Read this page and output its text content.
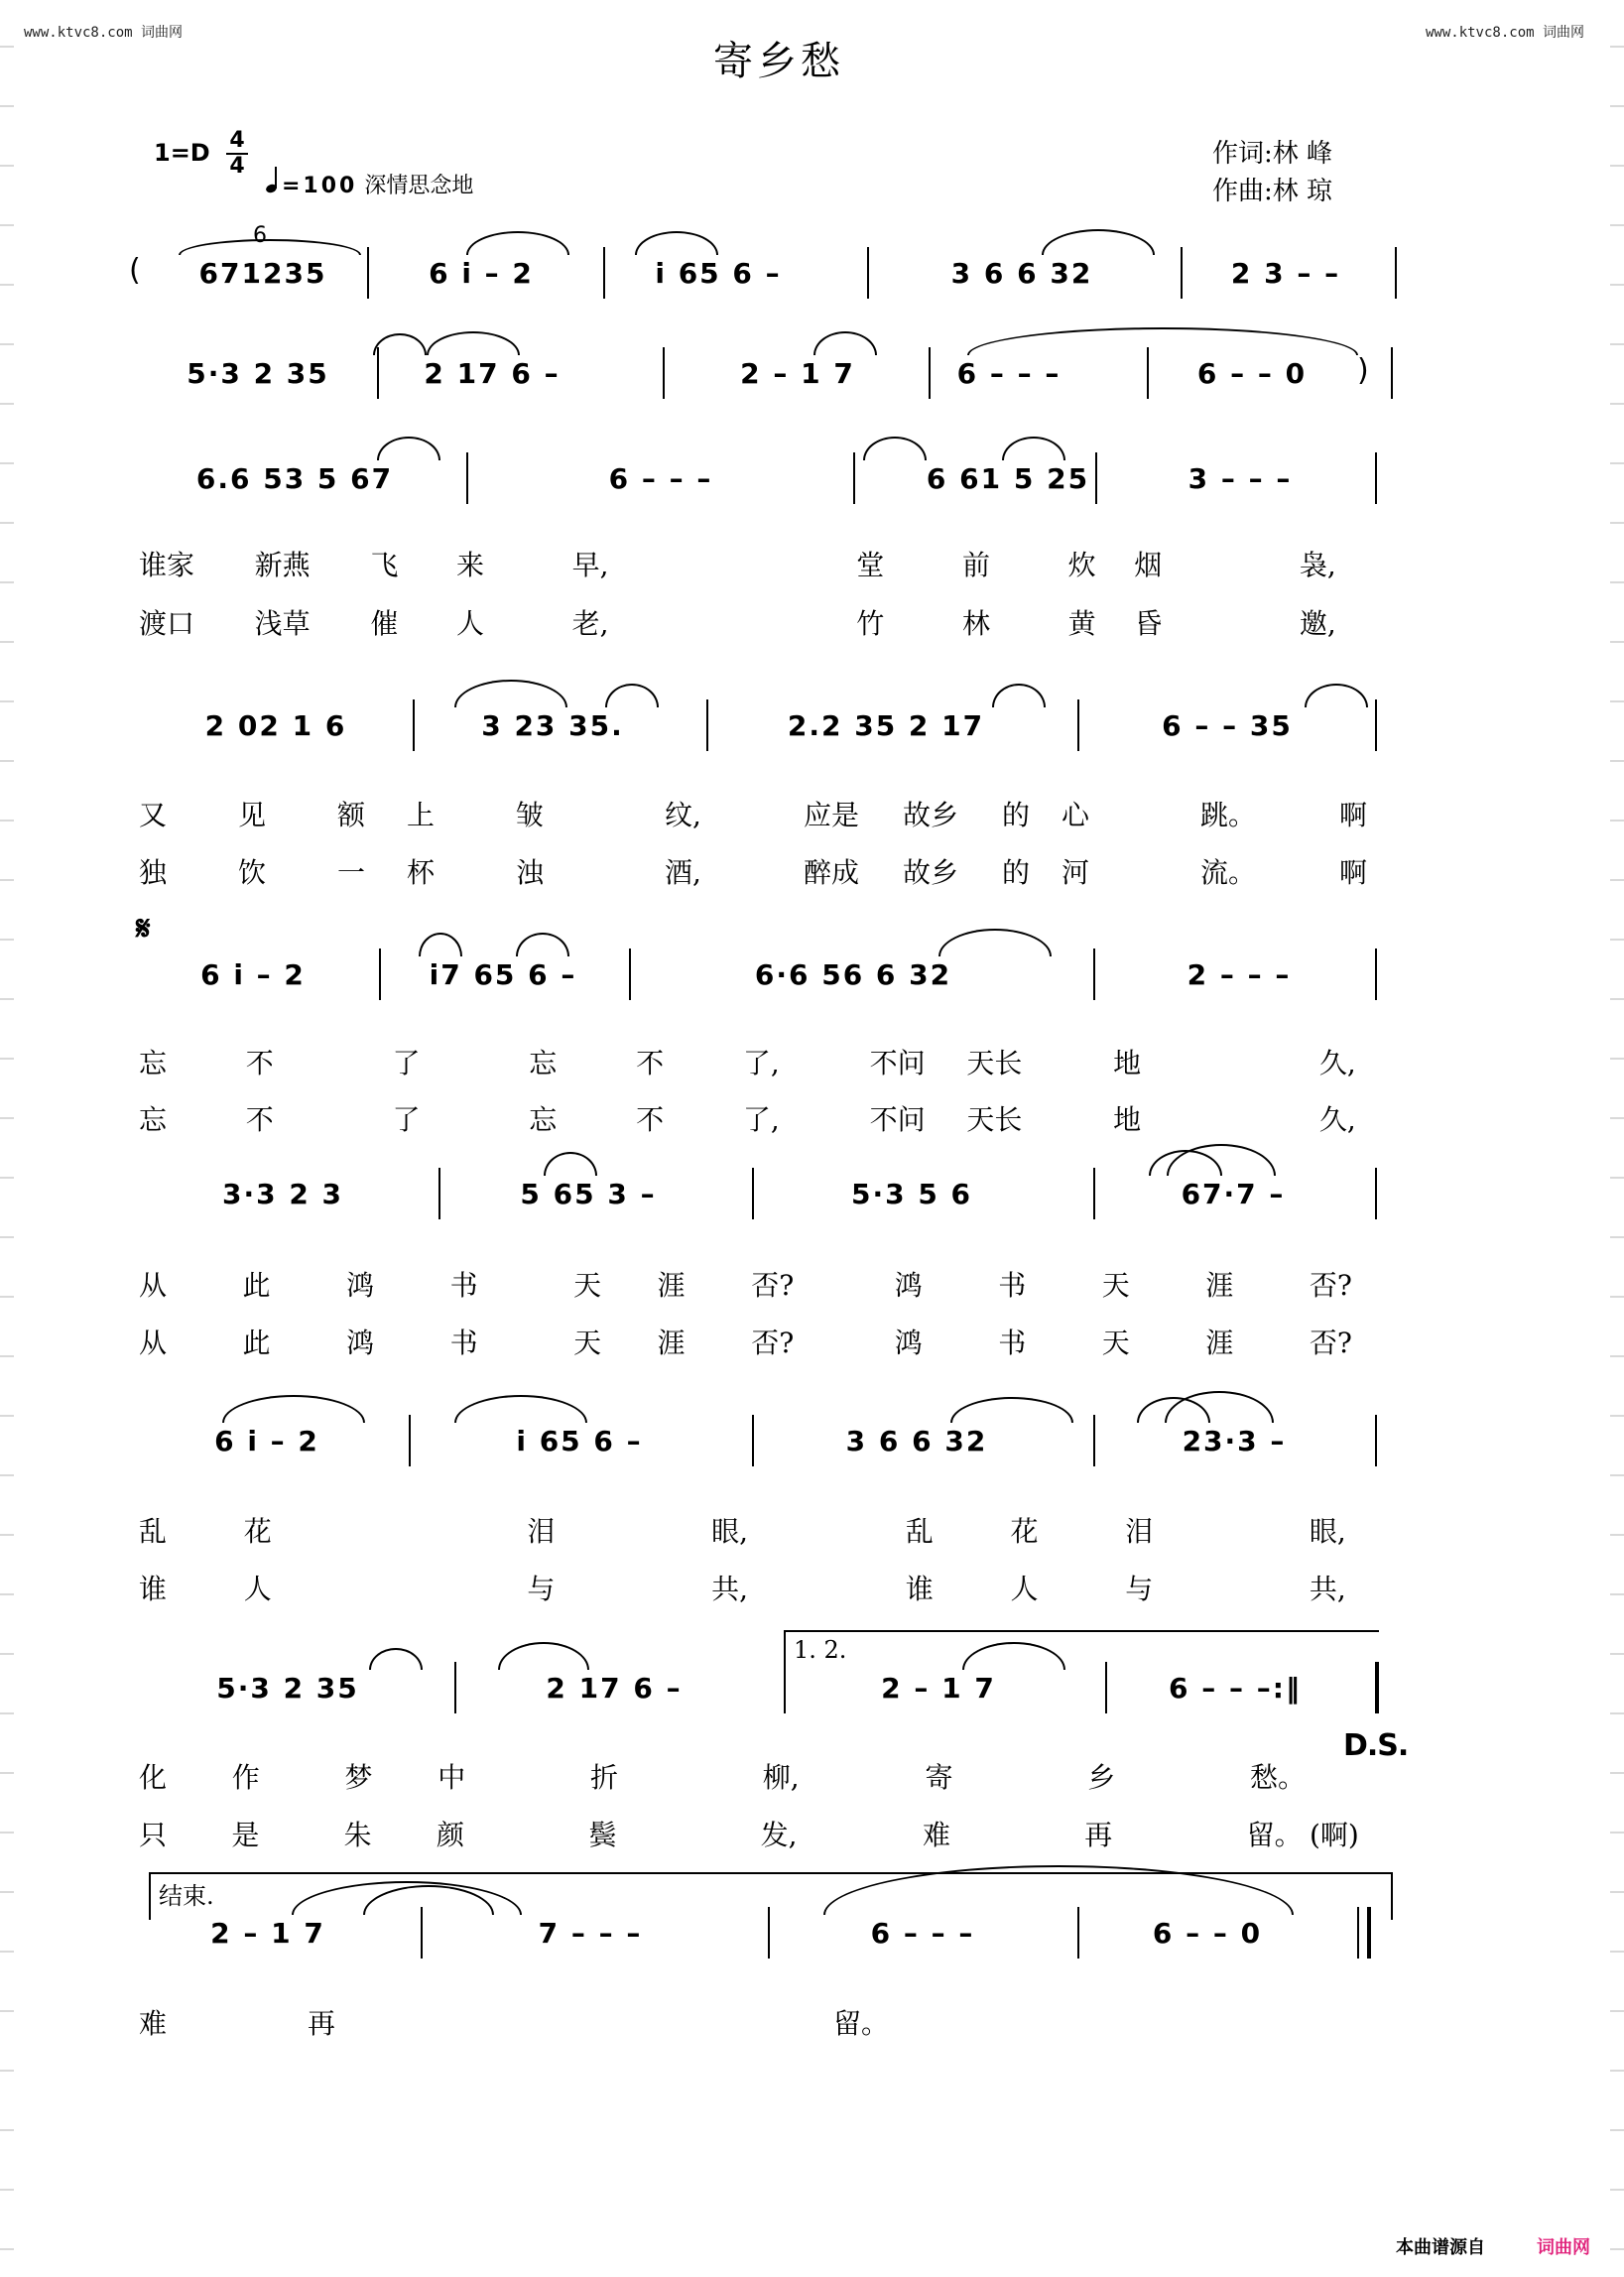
www.ktvc8.com 词曲网	www.ktvc8.com 词曲网
寄乡愁
1=D 4
4
=100 深情思念地
作词:林 峰
作曲:林 琼
(
6
671235	6 i – 2	i 65 6 –	3 6 6 32	2 3 – –
5·3 2 35	2 17 6 –	2 – 1 7	6 – – –	6 – – 0	)
6.6 53 5 67	6 – – –	6 61 5 25	3 – – –
谁家	新燕	飞	来	早,	堂	前	炊	烟	袅,
渡口	浅草	催	人	老,	竹	林	黄	昏	邀,
2 02 1 6	3 23 35.	2.2 35 2 17	6 – – 35
又	见	额	上	皱	纹,	应是	故乡	的	心	跳。	啊
独	饮	一	杯	浊	酒,	醉成	故乡	的	河	流。	啊
𝄋
6 i – 2	i7 65 6 –	6·6 56 6 32	2 – – –
忘	不	了	忘	不	了,	不问	天长	地	久,
忘	不	了	忘	不	了,	不问	天长	地	久,
3·3 2 3	5 65 3 –	5·3 5 6	67·7 –
从	此	鸿	书	天	涯	否?	鸿	书	天	涯	否?
从	此	鸿	书	天	涯	否?	鸿	书	天	涯	否?
6 i – 2	i 65 6 –	3 6 6 32	23·3 –
乱	花	泪	眼,	乱	花	泪	眼,
谁	人	与	共,	谁	人	与	共,
1. 2.
5·3 2 35	2 17 6 –	2 – 1 7	6 – – –:‖
D.S.
化	作	梦	中	折	柳,	寄	乡	愁。
只	是	朱	颜	鬓	发,	难	再	留。 (啊)
结束.
2 – 1 7	7 – – –	6 – – –	6 – – 0
难	再	留。
本曲谱源自	词曲网
